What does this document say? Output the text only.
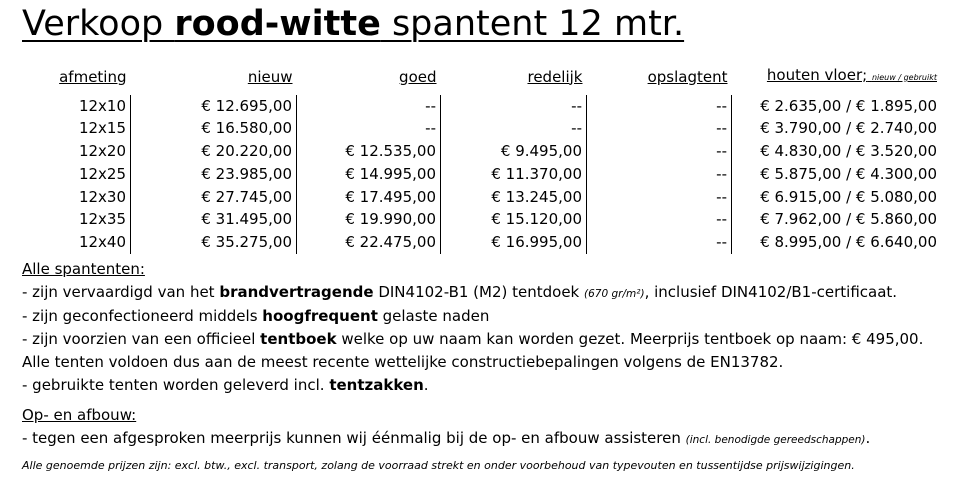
Verkoop rood-witte spantent 12 mtr.
afmeting	nieuw	goed	redelijk	opslagtent	houten vloer; nieuw / gebruikt
12x10	€ 12.695,00	--	--	--	€ 2.635,00 / € 1.895,00
12x15	€ 16.580,00	--	--	--	€ 3.790,00 / € 2.740,00
12x20	€ 20.220,00	€ 12.535,00	€ 9.495,00	--	€ 4.830,00 / € 3.520,00
12x25	€ 23.985,00	€ 14.995,00	€ 11.370,00	--	€ 5.875,00 / € 4.300,00
12x30	€ 27.745,00	€ 17.495,00	€ 13.245,00	--	€ 6.915,00 / € 5.080,00
12x35	€ 31.495,00	€ 19.990,00	€ 15.120,00	--	€ 7.962,00 / € 5.860,00
12x40	€ 35.275,00	€ 22.475,00	€ 16.995,00	--	€ 8.995,00 / € 6.640,00

Alle spantenten:

- zijn vervaardigd van het brandvertragende DIN4102-B1 (M2) tentdoek (670 gr/m²), inclusief DIN4102/B1-certificaat.

- zijn geconfectioneerd middels hoogfrequent gelaste naden

- zijn voorzien van een officieel tentboek welke op uw naam kan worden gezet. Meerprijs tentboek op naam: € 495,00.

Alle tenten voldoen dus aan de meest recente wettelijke constructiebepalingen volgens de EN13782.

- gebruikte tenten worden geleverd incl. tentzakken.

Op- en afbouw:

- tegen een afgesproken meerprijs kunnen wij éénmalig bij de op- en afbouw assisteren (incl. benodigde gereedschappen).

Alle genoemde prijzen zijn: excl. btw., excl. transport, zolang de voorraad strekt en onder voorbehoud van typevouten en tussentijdse prijswijzigingen.
